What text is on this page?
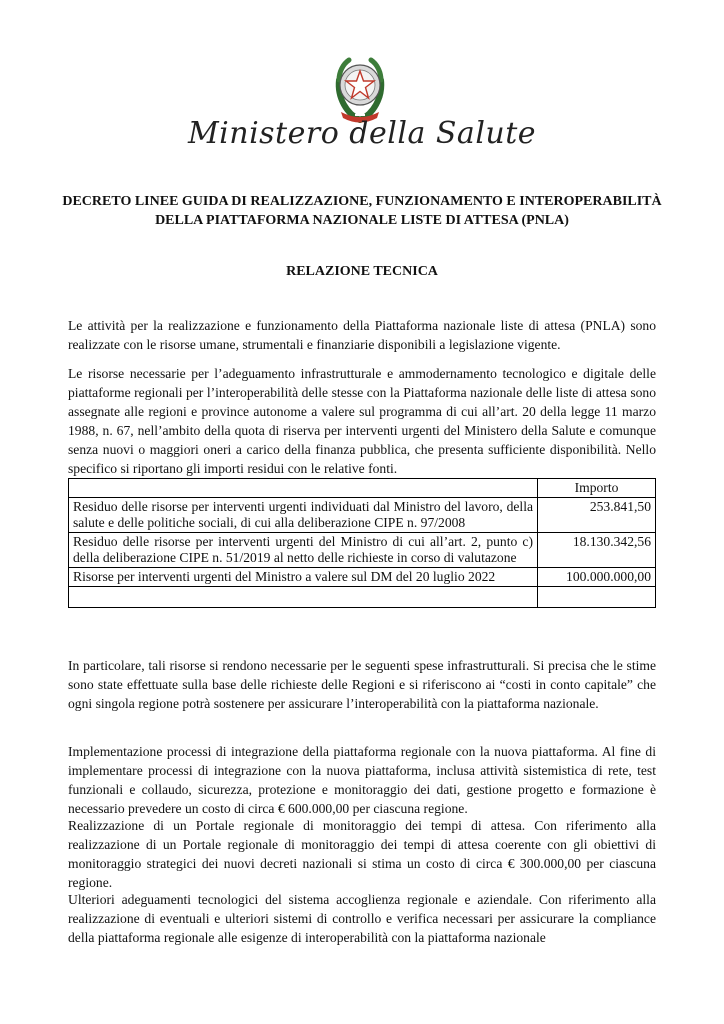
Ministero della Salute
DECRETO LINEE GUIDA DI REALIZZAZIONE, FUNZIONAMENTO E INTEROPERABILITÀ DELLA PIATTAFORMA NAZIONALE LISTE DI ATTESA (PNLA)
RELAZIONE TECNICA

Le attività per la realizzazione e funzionamento della Piattaforma nazionale liste di attesa (PNLA) sono realizzate con le risorse umane, strumentali e finanziarie disponibili a legislazione vigente.

Le risorse necessarie per l’adeguamento infrastrutturale e ammodernamento tecnologico e digitale delle piattaforme regionali per l’interoperabilità delle stesse con la Piattaforma nazionale delle liste di attesa sono assegnate alle regioni e province autonome a valere sul programma di cui all’art. 20 della legge 11 marzo 1988, n. 67, nell’ambito della quota di riserva per interventi urgenti del Ministero della Salute e comunque senza nuovi o maggiori oneri a carico della finanza pubblica, che presenta sufficiente disponibilità. Nello specifico si riportano gli importi residui con le relative fonti.

	Importo
Residuo delle risorse per interventi urgenti individuati dal Ministro del lavoro, della salute e delle politiche sociali, di cui alla deliberazione CIPE n. 97/2008	253.841,50
Residuo delle risorse per interventi urgenti del Ministro di cui all’art. 2, punto c) della deliberazione CIPE n. 51/2019 al netto delle richieste in corso di valutazone	18.130.342,56
Risorse per interventi urgenti del Ministro a valere sul DM del 20 luglio 2022	100.000.000,00

In particolare, tali risorse si rendono necessarie per le seguenti spese infrastrutturali. Si precisa che le stime sono state effettuate sulla base delle richieste delle Regioni e si riferiscono ai “costi in conto capitale” che ogni singola regione potrà sostenere per assicurare l’interoperabilità con la piattaforma nazionale.

Implementazione processi di integrazione della piattaforma regionale con la nuova piattaforma. Al fine di implementare processi di integrazione con la nuova piattaforma, inclusa attività sistemistica di rete, test funzionali e collaudo, sicurezza, protezione e monitoraggio dei dati, gestione progetto e formazione è necessario prevedere un costo di circa € 600.000,00 per ciascuna regione.

Realizzazione di un Portale regionale di monitoraggio dei tempi di attesa. Con riferimento alla realizzazione di un Portale regionale di monitoraggio dei tempi di attesa coerente con gli obiettivi di monitoraggio strategici dei nuovi decreti nazionali si stima un costo di circa € 300.000,00 per ciascuna regione.

Ulteriori adeguamenti tecnologici del sistema accoglienza regionale e aziendale. Con riferimento alla realizzazione di eventuali e ulteriori sistemi di controllo e verifica necessari per assicurare la compliance della piattaforma regionale alle esigenze di interoperabilità con la piattaforma nazionale
